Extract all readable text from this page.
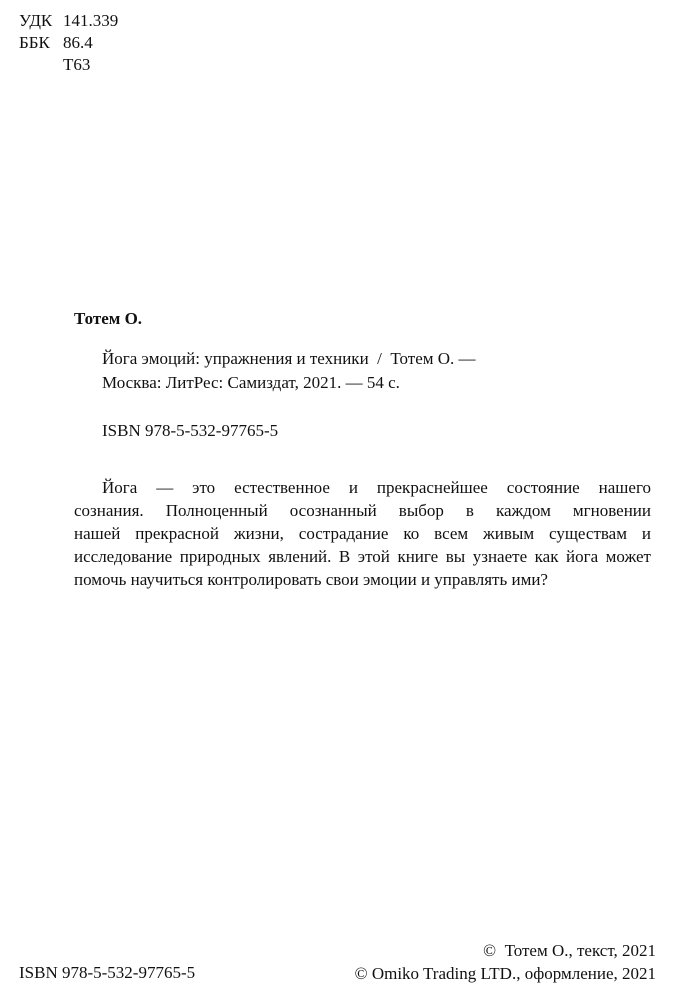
УДК 141.339
ББК 86.4
Т63
Тотем О.
Йога эмоций: упражнения и техники  /  Тотем О. —
Москва: ЛитРес: Самиздат, 2021. — 54 с.
ISBN 978-5-532-97765-5
Йога — это естественное и прекраснейшее состояние нашего
сознания. Полноценный осознанный выбор в каждом мгновении
нашей прекрасной жизни, сострадание ко всем живым существам и
исследование природных явлений. В этой книге вы узнаете как йога может
помочь научиться контролировать свои эмоции и управлять ими?
©  Тотем О., текст, 2021
© Omiko Trading LTD., оформление, 2021
ISBN 978-5-532-97765-5
